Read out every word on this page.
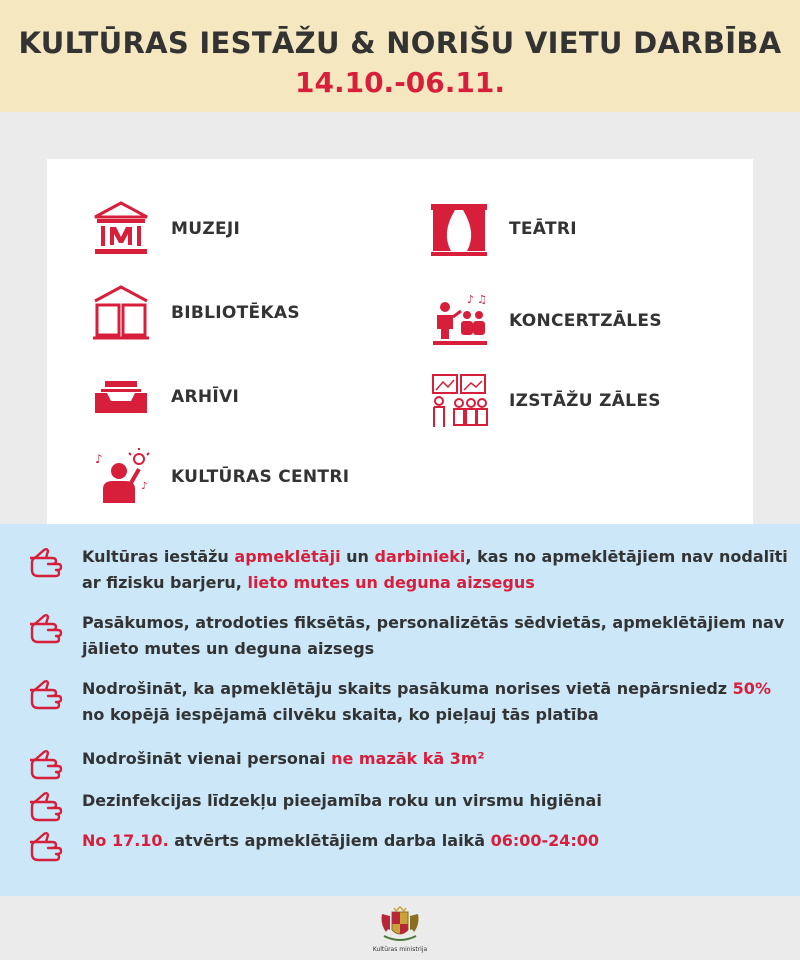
KULTŪRAS IESTĀŽU & NORIŠU VIETU DARBĪBA
14.10.-06.11.
MUZEJI	TEĀTRI
BIBLIOTĒKAS
♪ ♫
KONCERTZĀLES
ARHĪVI	IZSTĀŽU ZĀLES
♪
♪ KULTŪRAS CENTRI
Kultūras iestāžu apmeklētāji un darbinieki, kas no apmeklētājiem nav nodalīti ar fizisku barjeru, lieto mutes un deguna aizsegus
Pasākumos, atrodoties fiksētās, personalizētās sēdvietās, apmeklētājiem nav jālieto mutes un deguna aizsegs
Nodrošināt, ka apmeklētāju skaits pasākuma norises vietā nepārsniedz 50% no kopējā iespējamā cilvēku skaita, ko pieļauj tās platība
Nodrošināt vienai personai ne mazāk kā 3m²
Dezinfekcijas līdzekļu pieejamība roku un virsmu higiēnai
No 17.10. atvērts apmeklētājiem darba laikā 06:00-24:00
Kultūras ministrija
